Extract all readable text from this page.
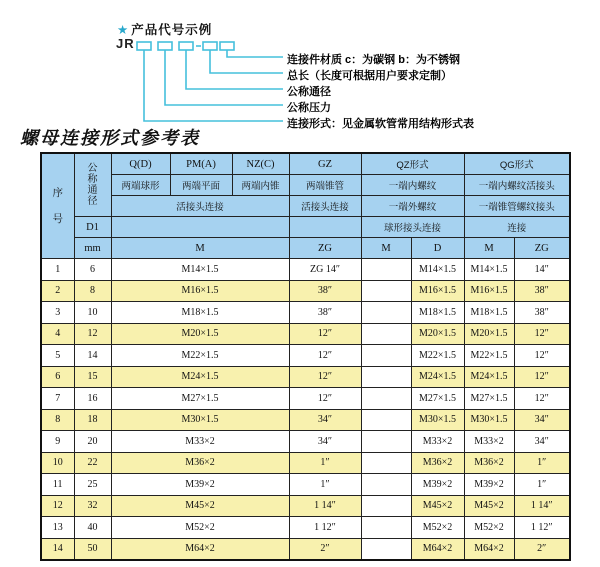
★ 产品代号示例
JR
连接件材质 c：为碳钢 b：为不锈钢
总长（长度可根据用户要求定制）
公称通径
公称压力
连接形式：见金属软管常用结构形式表
螺母连接形式参考表
序
号

公
称
通
径
	Q(D)	PM(A)	NZ(C)	GZ	QZ形式	QG形式
		两端球形	两端平面	两端内锥	两端锥管	一端内螺纹		一端内螺纹活接头	
		活接头连接			活接头连接	一端外螺纹		一端锥管螺纹接头	
	D1					球形接头连接		连接	
	mm	M			ZG	M	D	M	ZG
1	6	M14×1.5			ZG 14″		M14×1.5	M14×1.5	14″
2	8	M16×1.5			38″		M16×1.5	M16×1.5	38″
3	10	M18×1.5			38″		M18×1.5	M18×1.5	38″
4	12	M20×1.5			12″		M20×1.5	M20×1.5	12″
5	14	M22×1.5			12″		M22×1.5	M22×1.5	12″
6	15	M24×1.5			12″		M24×1.5	M24×1.5	12″
7	16	M27×1.5			12″		M27×1.5	M27×1.5	12″
8	18	M30×1.5			34″		M30×1.5	M30×1.5	34″
9	20	M33×2			34″		M33×2	M33×2	34″
10	22	M36×2			1″		M36×2	M36×2	1″
11	25	M39×2			1″		M39×2	M39×2	1″
12	32	M45×2			1 14″		M45×2	M45×2	1 14″
13	40	M52×2			1 12″		M52×2	M52×2	1 12″
14	50	M64×2			2″		M64×2	M64×2	2″
